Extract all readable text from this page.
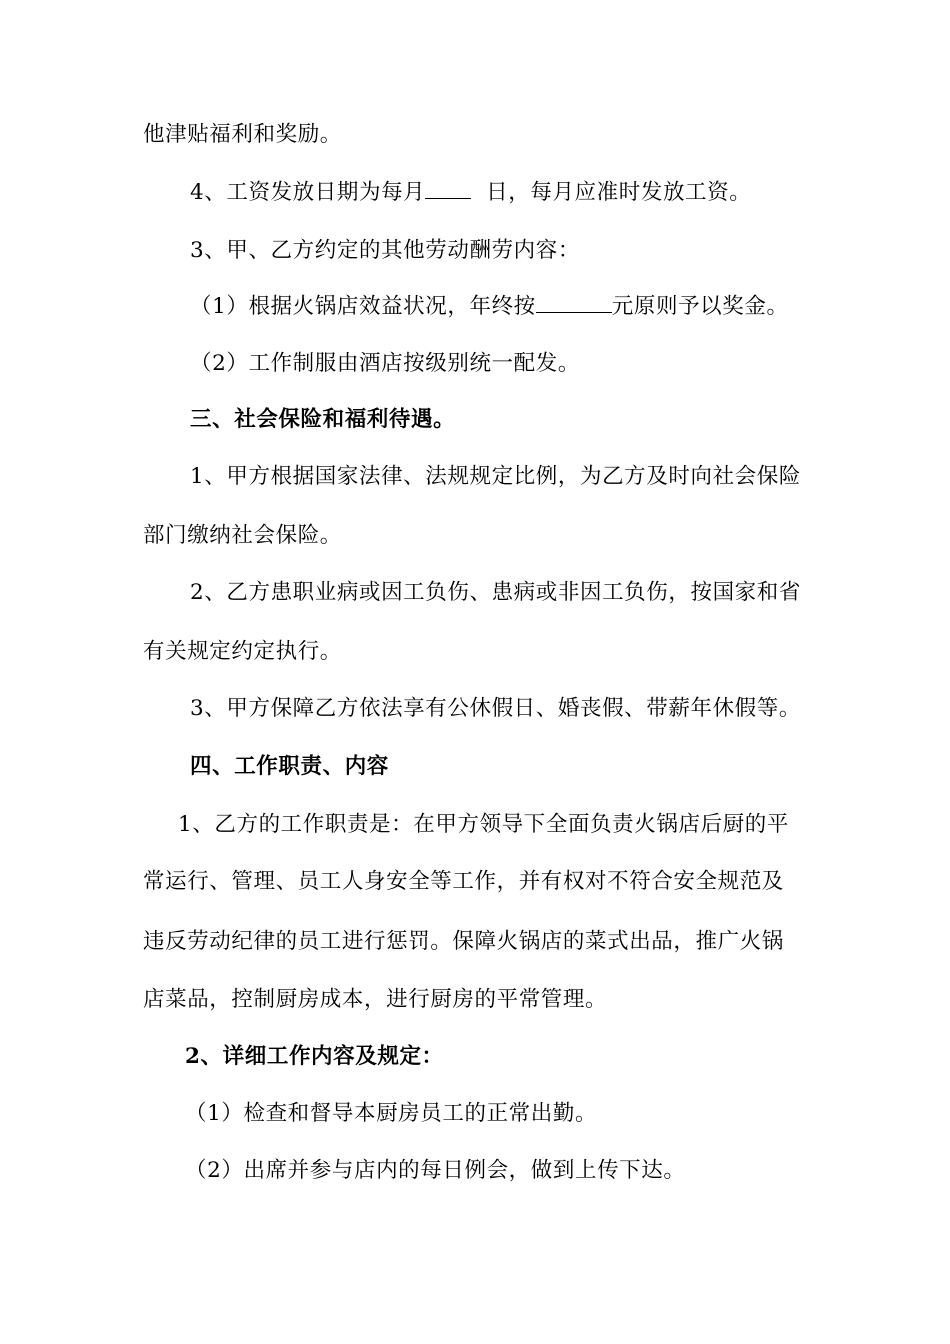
他津贴福利和奖励。
4、工资发放日期为每月	日，每月应准时发放工资。
3、甲、乙方约定的其他劳动酬劳内容：
（1）根据火锅店效益状况，年终按	元原则予以奖金。
（2）工作制服由酒店按级别统一配发。
三、社会保险和福利待遇。
1、甲方根据国家法律、法规规定比例，为乙方及时向社会保险
部门缴纳社会保险。
2、乙方患职业病或因工负伤、患病或非因工负伤，按国家和省
有关规定约定执行。
3、甲方保障乙方依法享有公休假日、婚丧假、带薪年休假等。
四、工作职责、内容
1、乙方的工作职责是：在甲方领导下全面负责火锅店后厨的平
常运行、管理、员工人身安全等工作，并有权对不符合安全规范及
违反劳动纪律的员工进行惩罚。保障火锅店的菜式出品，推广火锅
店菜品，控制厨房成本，进行厨房的平常管理。
2、详细工作内容及规定：
（1）检查和督导本厨房员工的正常出勤。
（2）出席并参与店内的每日例会，做到上传下达。
